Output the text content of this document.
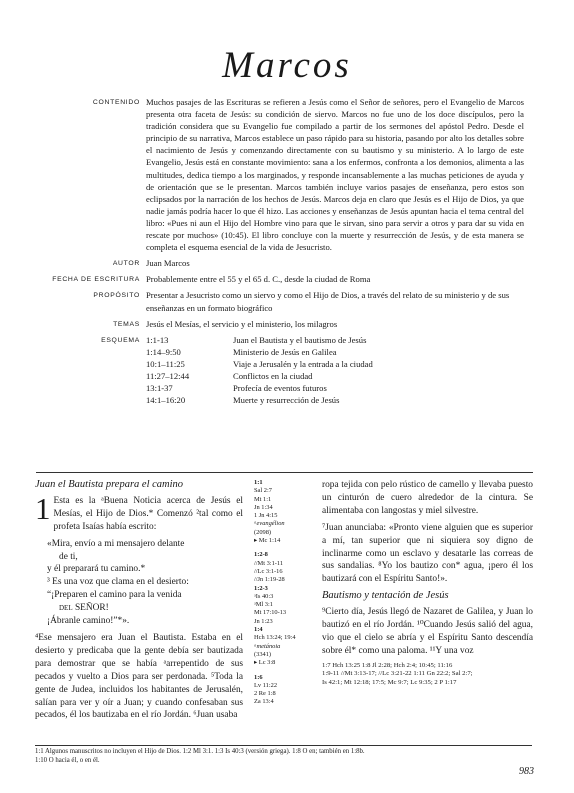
Marcos
CONTENIDO Muchos pasajes de las Escrituras se refieren a Jesús como el Señor de señores, pero el Evangelio de Marcos presenta otra faceta de Jesús: su condición de siervo. Marcos no fue uno de los doce discípulos, pero la tradición considera que su Evangelio fue compilado a partir de los sermones del apóstol Pedro. Desde el principio de su narrativa, Marcos establece un paso rápido para su historia, pasando por alto los detalles sobre el nacimiento de Jesús y comenzando directamente con su bautismo y su ministerio. A lo largo de este Evangelio, Jesús está en constante movimiento: sana a los enfermos, confronta a los demonios, alimenta a las multitudes, dedica tiempo a los marginados, y responde incansablemente a las muchas peticiones de ayuda y de orientación que se le presentan. Marcos también incluye varios pasajes de enseñanza, pero estos son eclipsados por la narración de los hechos de Jesús. Marcos deja en claro que Jesús es el Hijo de Dios, ya que nadie jamás podría hacer lo que él hizo. Las acciones y enseñanzas de Jesús apuntan hacia el tema central del libro: «Pues ni aun el Hijo del Hombre vino para que le sirvan, sino para servir a otros y para dar su vida en rescate por muchos» (10:45). El libro concluye con la muerte y resurrección de Jesús, y de esta manera se completa el esquema esencial de la vida de Jesucristo.
AUTOR Juan Marcos
FECHA DE ESCRITURA Probablemente entre el 55 y el 65 d. C., desde la ciudad de Roma
PROPÓSITO Presentar a Jesucristo como un siervo y como el Hijo de Dios, a través del relato de su ministerio y de sus enseñanzas en un formato biográfico
TEMAS Jesús el Mesías, el servicio y el ministerio, los milagros
ESQUEMA 1:1-13	Juan el Bautista y el bautismo de Jesús
1:14–9:50	Ministerio de Jesús en Galilea
10:1–11:25	Viaje a Jerusalén y la entrada a la ciudad
11:27–12:44	Conflictos en la ciudad
13:1-37	Profecía de eventos futuros
14:1–16:20	Muerte y resurrección de Jesús
Juan el Bautista prepara el camino

1 Esta es la ᵃBuena Noticia acerca de Jesús el Mesías, el Hijo de Dios.* Comenzó ²tal como el profeta Isaías había escrito:

«Mira, envío a mi mensajero delante
de ti,
y él preparará tu camino.*
³ Es una voz que clama en el desierto:
“¡Preparen el camino para la venida
del SEÑOR!
¡Ábranle camino!”*».

⁴Ese mensajero era Juan el Bautista. Estaba en el desierto y predicaba que la gente debía ser bautizada para demostrar que se había ᵃarrepentido de sus pecados y vuelto a Dios para ser perdonada. ⁵Toda la gente de Judea, incluidos los habitantes de Jerusalén, salían para ver y oír a Juan; y cuando confesaban sus pecados, él los bautizaba en el río Jordán. ⁶Juan usaba

1:1
Sal 2:7
Mt 1:1
Jn 1:34
1 Jn 4:15
ᵃevangélion
(2098)
▸ Mc 1:14
1:2-8
//Mt 3:1-11
//Lc 3:1-16
//Jn 1:19-28
1:2-3
ᵃIs 40:3
ᵃMl 3:1
Mt 17:10-13
Jn 1:23
1:4
Hch 13:24; 19:4
ᵃmetánoia
(3341)
▸ Lc 3:8
1:6
Lv 11:22
2 Re 1:8
Za 13:4

ropa tejida con pelo rústico de camello y llevaba puesto un cinturón de cuero alrededor de la cintura. Se alimentaba con langostas y miel silvestre.

⁷Juan anunciaba: «Pronto viene alguien que es superior a mí, tan superior que ni siquiera soy digno de inclinarme como un esclavo y desatarle las correas de sus sandalias. ⁸Yo los bautizo con* agua, ¡pero él los bautizará con el Espíritu Santo!».

Bautismo y tentación de Jesús

⁹Cierto día, Jesús llegó de Nazaret de Galilea, y Juan lo bautizó en el río Jordán. ¹⁰Cuando Jesús salió del agua, vio que el cielo se abría y el Espíritu Santo descendía sobre él* como una paloma. ¹¹Y una voz

1:7 Hch 13:25 1:8 Jl 2:28; Hch 2:4; 10:45; 11:16
1:9-11 //Mt 3:13-17; //Lc 3:21-22 1:11 Gn 22:2; Sal 2:7;
Is 42:1; Mt 12:18; 17:5; Mc 9:7; Lc 9:35; 2 P 1:17
1:1 Algunos manuscritos no incluyen el Hijo de Dios. 1:2 Ml 3:1. 1:3 Is 40:3 (versión griega). 1:8 O en; también en 1:8b.
1:10 O hacia él, o en él.
983
